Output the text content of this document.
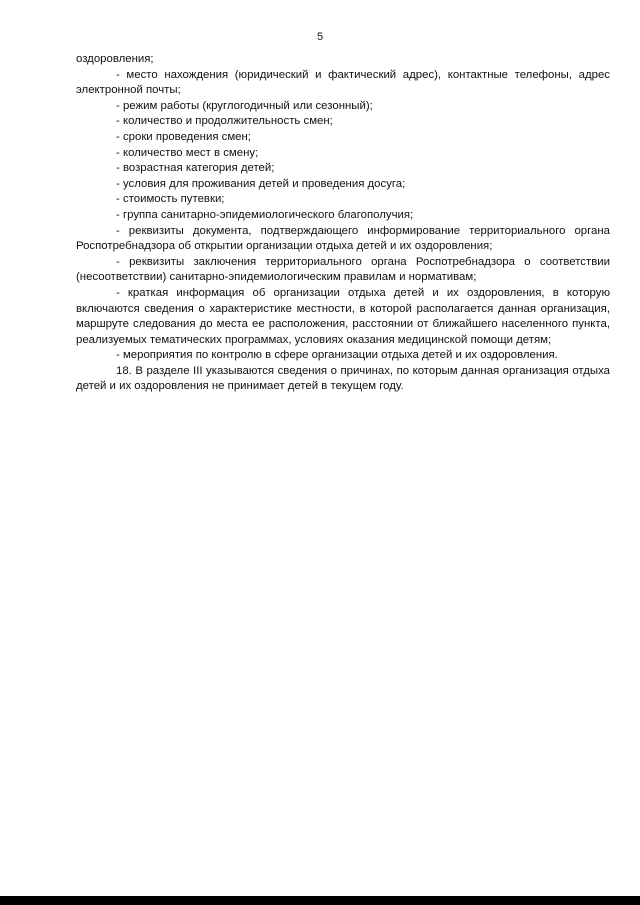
5

оздоровления;

- место нахождения (юридический и фактический адрес), контактные телефоны, адрес электронной почты;

- режим работы (круглогодичный или сезонный);

- количество и продолжительность смен;

- сроки проведения смен;

- количество мест в смену;

- возрастная категория детей;

- условия для проживания детей и проведения досуга;

- стоимость путевки;

- группа санитарно-эпидемиологического благополучия;

- реквизиты документа, подтверждающего информирование территориального органа Роспотребнадзора об открытии организации отдыха детей и их оздоровления;

- реквизиты заключения территориального органа Роспотребнадзора о соответствии (несоответствии) санитарно-эпидемиологическим правилам и нормативам;

- краткая информация об организации отдыха детей и их оздоровления, в которую включаются сведения о характеристике местности, в которой располагается данная организация, маршруте следования до места ее расположения, расстоянии от ближайшего населенного пункта, реализуемых тематических программах, условиях оказания медицинской помощи детям;

- мероприятия по контролю в сфере организации отдыха детей и их оздоровления.

18. В разделе III указываются сведения о причинах, по которым данная организация отдыха детей и их оздоровления не принимает детей в текущем году.
